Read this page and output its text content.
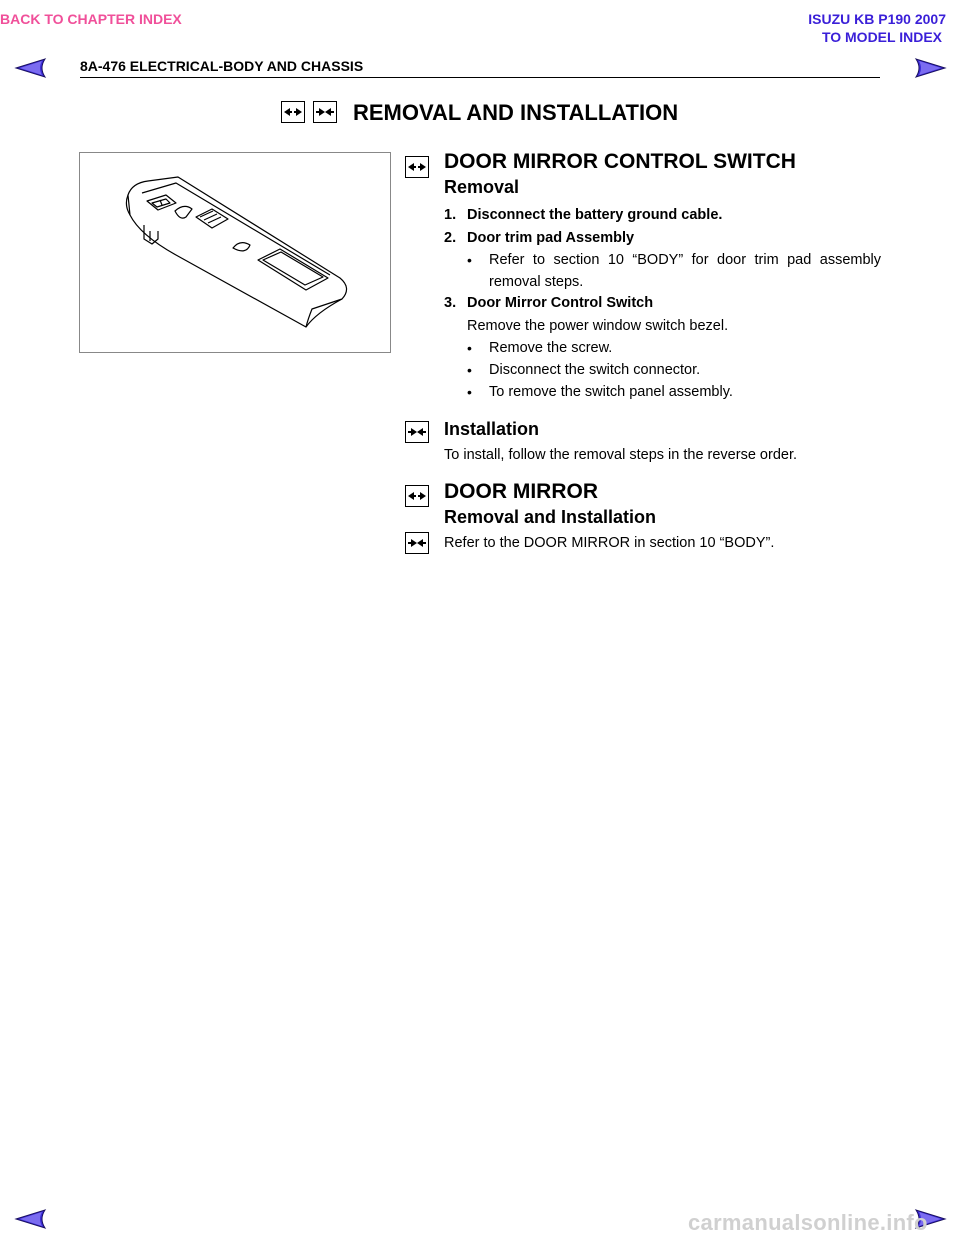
BACK TO CHAPTER INDEX	ISUZU KB P190 2007
TO MODEL INDEX
8A-476 ELECTRICAL-BODY AND CHASSIS
REMOVAL AND INSTALLATION
DOOR MIRROR CONTROL SWITCH
Removal
1. Disconnect the battery ground cable.
2. Door trim pad Assembly
• Refer to section 10 “BODY” for door trim pad assembly
removal steps.
3. Door Mirror Control Switch
Remove the power window switch bezel.
• Remove the screw.
• Disconnect the switch connector.
• To remove the switch panel assembly.
Installation
To install, follow the removal steps in the reverse order.
DOOR MIRROR
Removal and Installation
Refer to the DOOR MIRROR in section 10 “BODY”.
carmanualsonline.info
